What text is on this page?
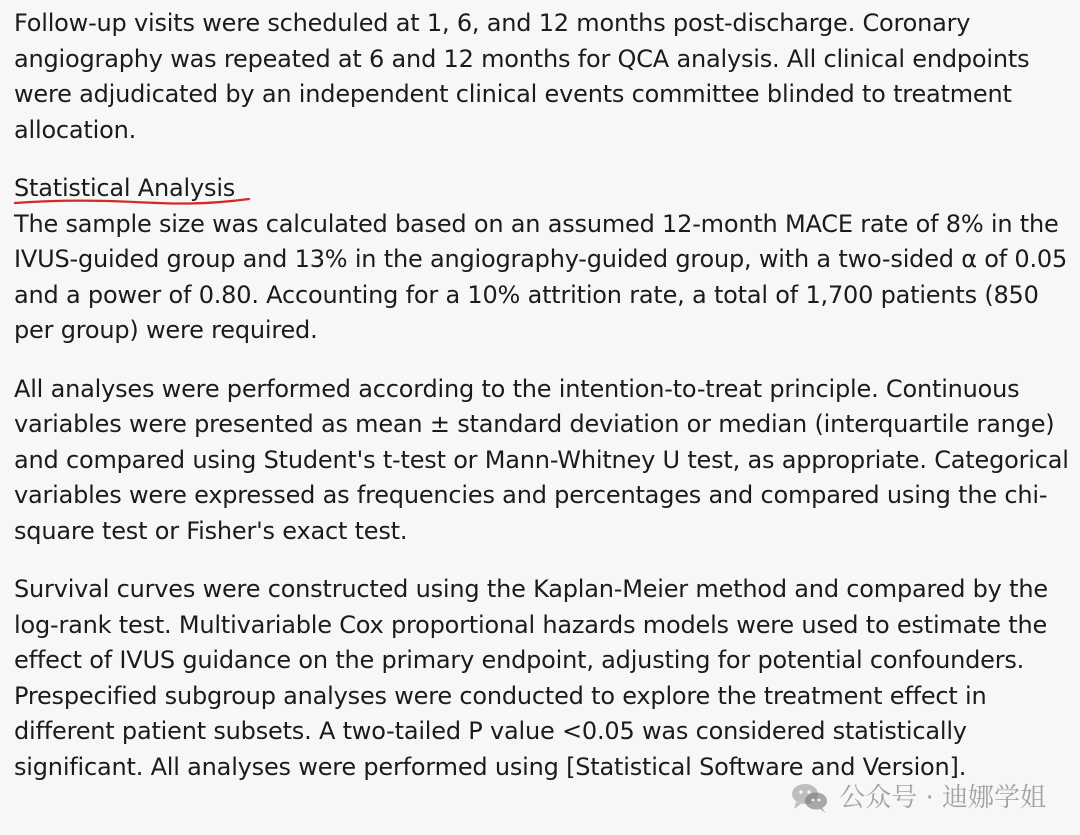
Follow-up visits were scheduled at 1, 6, and 12 months post-discharge. Coronary angiography was repeated at 6 and 12 months for QCA analysis. All clinical endpoints were adjudicated by an independent clinical events committee blinded to treatment allocation.

Statistical Analysis

The sample size was calculated based on an assumed 12-month MACE rate of 8% in the IVUS-guided group and 13% in the angiography-guided group, with a two-sided α of 0.05 and a power of 0.80. Accounting for a 10% attrition rate, a total of 1,700 patients (850 per group) were required.

All analyses were performed according to the intention-to-treat principle. Continuous variables were presented as mean ± standard deviation or median (interquartile range) and compared using Student's t-test or Mann-Whitney U test, as appropriate. Categorical variables were expressed as frequencies and percentages and compared using the chi-square test or Fisher's exact test.

Survival curves were constructed using the Kaplan-Meier method and compared by the log-rank test. Multivariable Cox proportional hazards models were used to estimate the effect of IVUS guidance on the primary endpoint, adjusting for potential confounders. Prespecified subgroup analyses were conducted to explore the treatment effect in different patient subsets. A two-tailed P value <0.05 was considered statistically significant. All analyses were performed using [Statistical Software and Version].

公众号 · 迪娜学姐
